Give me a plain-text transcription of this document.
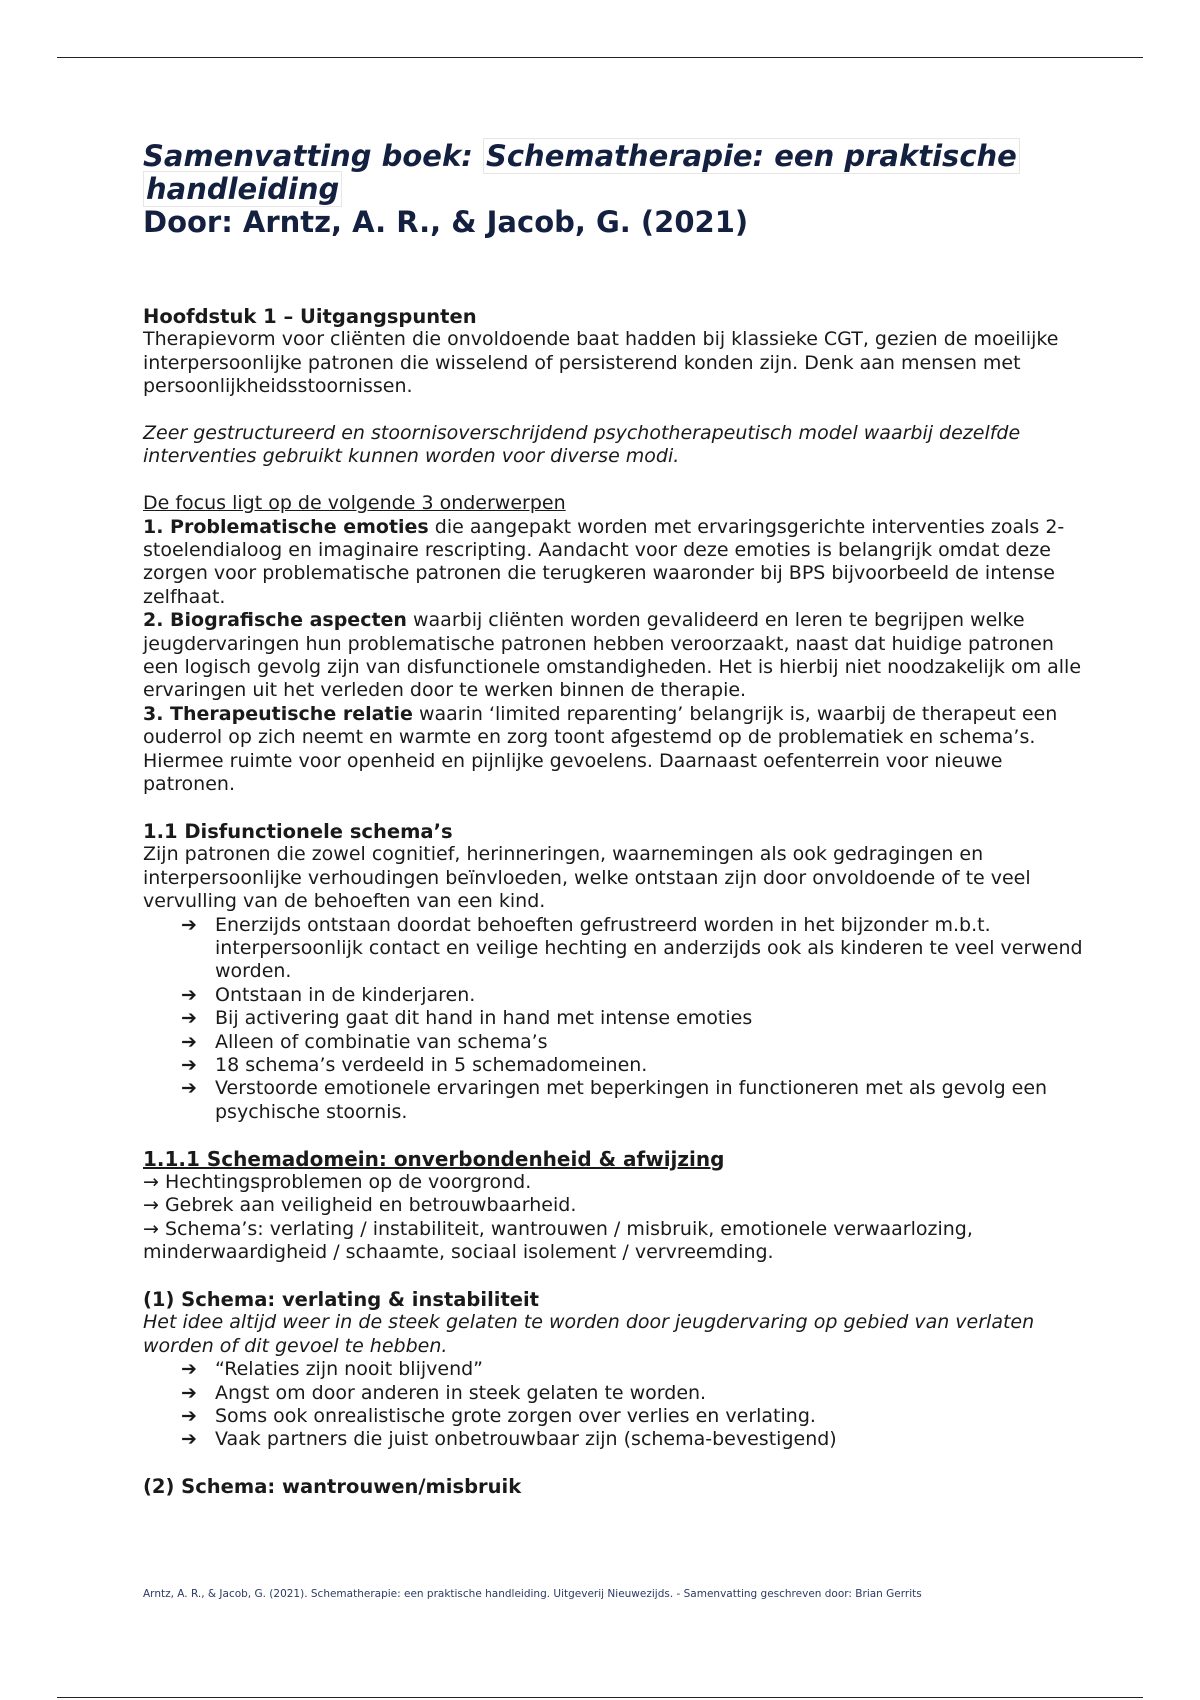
Samenvatting boek: Schematherapie: een praktische
handleiding

Door: Arntz, A. R., & Jacob, G. (2021)

Hoofdstuk 1 – Uitgangspunten

Therapievorm voor cliënten die onvoldoende baat hadden bij klassieke CGT, gezien de moeilijke interpersoonlijke patronen die wisselend of persisterend konden zijn. Denk aan mensen met persoonlijkheidsstoornissen.

Zeer gestructureerd en stoornisoverschrijdend psychotherapeutisch model waarbij dezelfde interventies gebruikt kunnen worden voor diverse modi.

De focus ligt op de volgende 3 onderwerpen

1. Problematische emoties die aangepakt worden met ervaringsgerichte interventies zoals 2-stoelendialoog en imaginaire rescripting. Aandacht voor deze emoties is belangrijk omdat deze zorgen voor problematische patronen die terugkeren waaronder bij BPS bijvoorbeeld de intense zelfhaat.

2. Biografische aspecten waarbij cliënten worden gevalideerd en leren te begrijpen welke jeugdervaringen hun problematische patronen hebben veroorzaakt, naast dat huidige patronen een logisch gevolg zijn van disfunctionele omstandigheden. Het is hierbij niet noodzakelijk om alle ervaringen uit het verleden door te werken binnen de therapie.

3. Therapeutische relatie waarin ‘limited reparenting’ belangrijk is, waarbij de therapeut een ouderrol op zich neemt en warmte en zorg toont afgestemd op de problematiek en schema’s. Hiermee ruimte voor openheid en pijnlijke gevoelens. Daarnaast oefenterrein voor nieuwe patronen.

1.1 Disfunctionele schema’s

Zijn patronen die zowel cognitief, herinneringen, waarnemingen als ook gedragingen en interpersoonlijke verhoudingen beïnvloeden, welke ontstaan zijn door onvoldoende of te veel vervulling van de behoeften van een kind.

➔ Enerzijds ontstaan doordat behoeften gefrustreerd worden in het bijzonder m.b.t. interpersoonlijk contact en veilige hechting en anderzijds ook als kinderen te veel verwend worden.
➔ Ontstaan in de kinderjaren.
➔ Bij activering gaat dit hand in hand met intense emoties
➔ Alleen of combinatie van schema’s
➔ 18 schema’s verdeeld in 5 schemadomeinen.
➔ Verstoorde emotionele ervaringen met beperkingen in functioneren met als gevolg een psychische stoornis.

1.1.1 Schemadomein: onverbondenheid & afwijzing

→ Hechtingsproblemen op de voorgrond.

→ Gebrek aan veiligheid en betrouwbaarheid.

→ Schema’s: verlating / instabiliteit, wantrouwen / misbruik, emotionele verwaarlozing, minderwaardigheid / schaamte, sociaal isolement / vervreemding.

(1) Schema: verlating & instabiliteit

Het idee altijd weer in de steek gelaten te worden door jeugdervaring op gebied van verlaten worden of dit gevoel te hebben.

➔ “Relaties zijn nooit blijvend”
➔ Angst om door anderen in steek gelaten te worden.
➔ Soms ook onrealistische grote zorgen over verlies en verlating.
➔ Vaak partners die juist onbetrouwbaar zijn (schema-bevestigend)
(2) Schema: wantrouwen/misbruik
Arntz, A. R., & Jacob, G. (2021). Schematherapie: een praktische handleiding. Uitgeverij Nieuwezijds. - Samenvatting geschreven door: Brian Gerrits
